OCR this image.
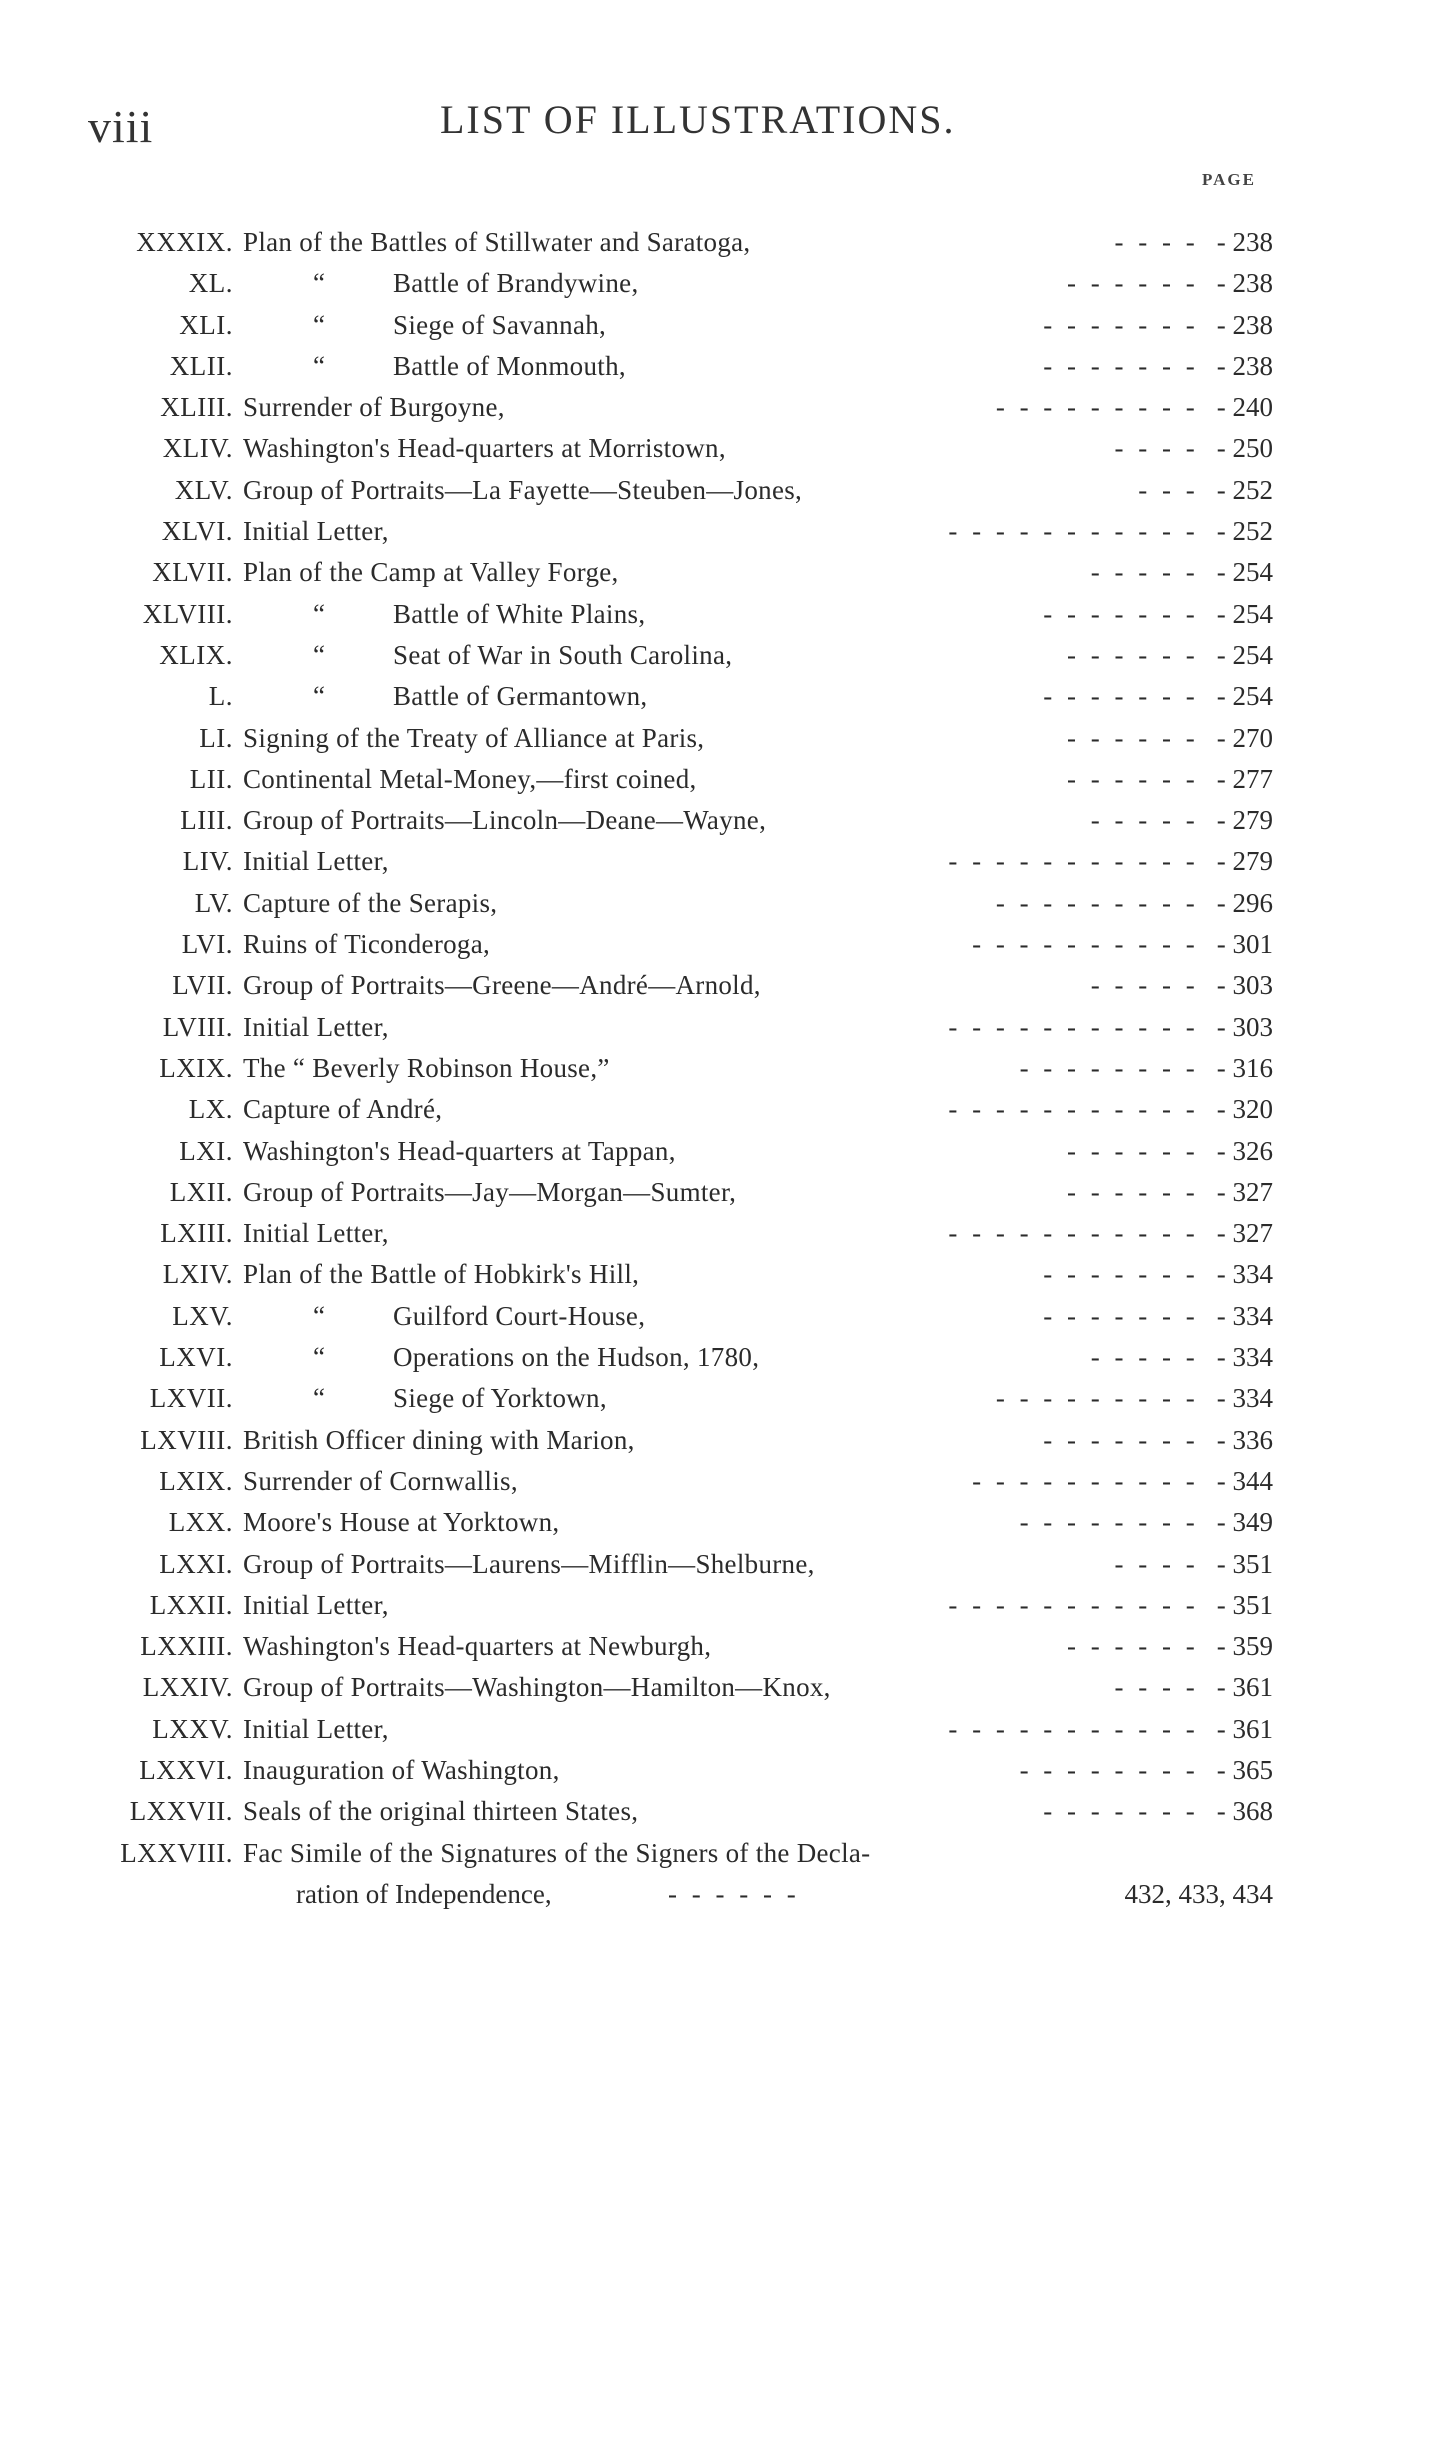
viii	LIST OF ILLUSTRATIONS.
PAGE
XXXIX. Plan of the Battles of Stillwater and Saratoga,	- - - - - 238
XL.	“	Battle of Brandywine,	- - - - - - - 238
XLI.	“	Siege of Savannah,	- - - - - - - - 238
XLII.	“	Battle of Monmouth,	- - - - - - - - 238
XLIII. Surrender of Burgoyne,	- - - - - - - - - - 240
XLIV. Washington's Head-quarters at Morristown,	- - - - - 250
XLV. Group of Portraits—La Fayette—Steuben—Jones,	- - - - 252
XLVI. Initial Letter,	- - - - - - - - - - - - 252
XLVII. Plan of the Camp at Valley Forge,	- - - - - - 254
XLVIII.	“	Battle of White Plains,	- - - - - - - - 254
XLIX.	“	Seat of War in South Carolina,	- - - - - - - 254
L.	“	Battle of Germantown,	- - - - - - - - 254
LI. Signing of the Treaty of Alliance at Paris,	- - - - - - - 270
LII. Continental Metal-Money,—first coined,	- - - - - - - 277
LIII. Group of Portraits—Lincoln—Deane—Wayne,	- - - - - - 279
LIV. Initial Letter,	- - - - - - - - - - - - 279
LV. Capture of the Serapis,	- - - - - - - - - - 296
LVI. Ruins of Ticonderoga,	- - - - - - - - - - - 301
LVII. Group of Portraits—Greene—André—Arnold,	- - - - - - 303
LVIII. Initial Letter,	- - - - - - - - - - - - 303
LXIX. The “ Beverly Robinson House,”	- - - - - - - - - 316
LX. Capture of André,	- - - - - - - - - - - - 320
LXI. Washington's Head-quarters at Tappan,	- - - - - - - 326
LXII. Group of Portraits—Jay—Morgan—Sumter,	- - - - - - - 327
LXIII. Initial Letter,	- - - - - - - - - - - - 327
LXIV. Plan of the Battle of Hobkirk's Hill,	- - - - - - - - 334
LXV.	“	Guilford Court-House,	- - - - - - - - 334
LXVI.	“	Operations on the Hudson, 1780,	- - - - - - 334
LXVII.	“	Siege of Yorktown,	- - - - - - - - - - 334
LXVIII. British Officer dining with Marion,	- - - - - - - - 336
LXIX. Surrender of Cornwallis,	- - - - - - - - - - - 344
LXX. Moore's House at Yorktown,	- - - - - - - - - 349
LXXI. Group of Portraits—Laurens—Mifflin—Shelburne,	- - - - - 351
LXXII. Initial Letter,	- - - - - - - - - - - - 351
LXXIII. Washington's Head-quarters at Newburgh,	- - - - - - - 359
LXXIV. Group of Portraits—Washington—Hamilton—Knox,	- - - - - 361
LXXV. Initial Letter,	- - - - - - - - - - - - 361
LXXVI. Inauguration of Washington,	- - - - - - - - - 365
LXXVII. Seals of the original thirteen States,	- - - - - - - - 368
LXXVIII. Fac Simile of the Signatures of the Signers of the Decla-
ration of Independence,	- - - - - -	432, 433, 434
